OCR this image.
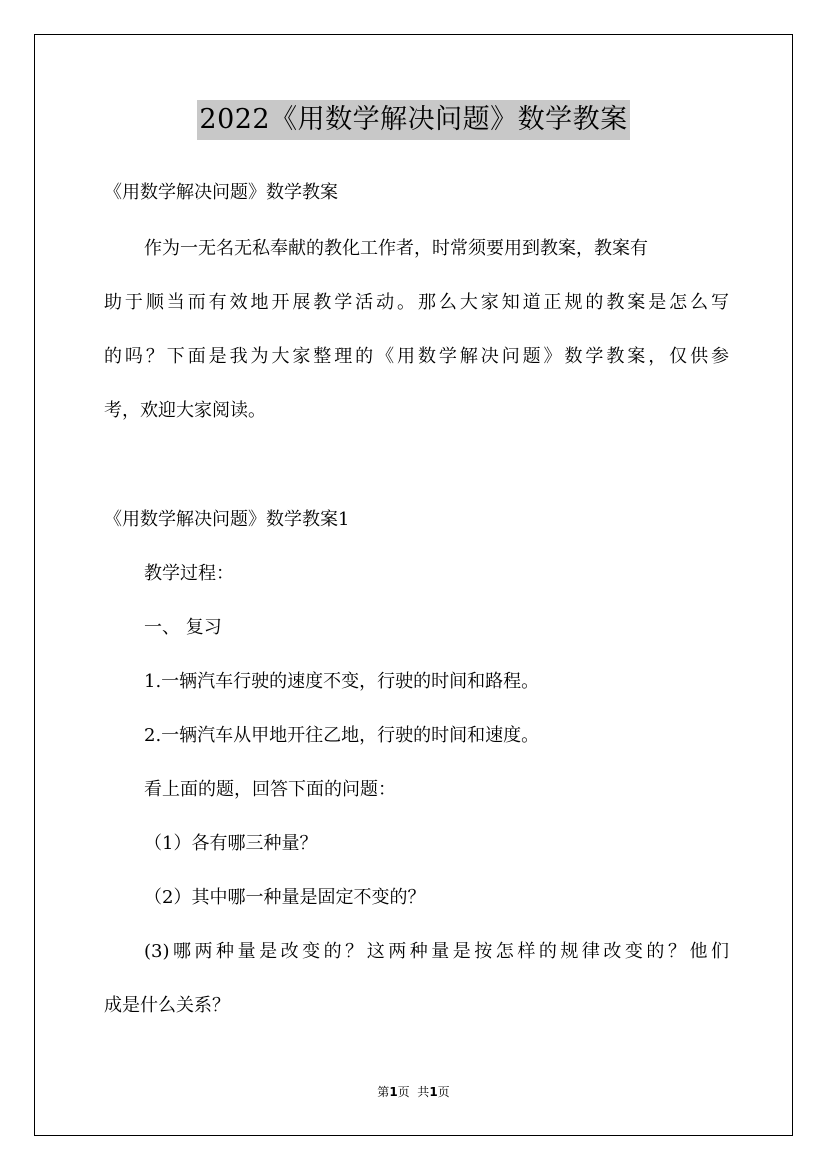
2022《用数学解决问题》数学教案
《用数学解决问题》数学教案
作为一无名无私奉献的教化工作者，时常须要用到教案，教案有
助于顺当而有效地开展教学活动。那么大家知道正规的教案是怎么写
的吗？下面是我为大家整理的《用数学解决问题》数学教案，仅供参
考，欢迎大家阅读。
《用数学解决问题》数学教案1
教学过程：
一、 复习
1.一辆汽车行驶的速度不变，行驶的时间和路程。
2.一辆汽车从甲地开往乙地，行驶的时间和速度。
看上面的题，回答下面的问题：
（1）各有哪三种量？
（2）其中哪一种量是固定不变的？
(3)哪两种量是改变的？这两种量是按怎样的规律改变的？他们
成是什么关系？
第1页  共1页
